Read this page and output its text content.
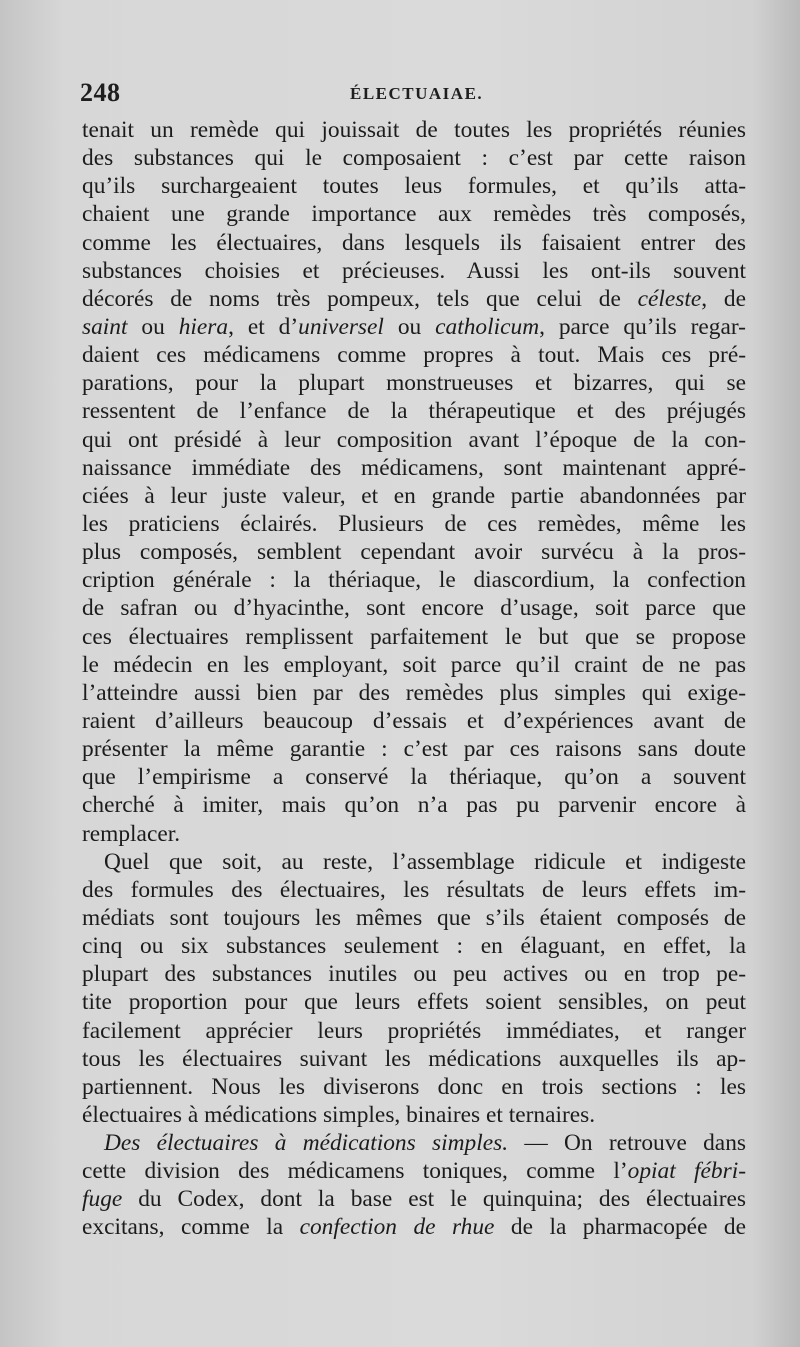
248	ÉLECTUAIAE.
tenait un remède qui jouissait de toutes les propriétés réunies
des substances qui le composaient : c’est par cette raison
qu’ils surchargeaient toutes leus formules, et qu’ils atta-
chaient une grande importance aux remèdes très composés,
comme les électuaires, dans lesquels ils faisaient entrer des
substances choisies et précieuses. Aussi les ont-ils souvent
décorés de noms très pompeux, tels que celui de céleste, de
saint ou hiera, et d’universel ou catholicum, parce qu’ils regar-
daient ces médicamens comme propres à tout. Mais ces pré-
parations, pour la plupart monstrueuses et bizarres, qui se
ressentent de l’enfance de la thérapeutique et des préjugés
qui ont présidé à leur composition avant l’époque de la con-
naissance immédiate des médicamens, sont maintenant appré-
ciées à leur juste valeur, et en grande partie abandonnées par
les praticiens éclairés. Plusieurs de ces remèdes, même les
plus composés, semblent cependant avoir survécu à la pros-
cription générale : la thériaque, le diascordium, la confection
de safran ou d’hyacinthe, sont encore d’usage, soit parce que
ces électuaires remplissent parfaitement le but que se propose
le médecin en les employant, soit parce qu’il craint de ne pas
l’atteindre aussi bien par des remèdes plus simples qui exige-
raient d’ailleurs beaucoup d’essais et d’expériences avant de
présenter la même garantie : c’est par ces raisons sans doute
que l’empirisme a conservé la thériaque, qu’on a souvent
cherché à imiter, mais qu’on n’a pas pu parvenir encore à
remplacer.
Quel que soit, au reste, l’assemblage ridicule et indigeste
des formules des électuaires, les résultats de leurs effets im-
médiats sont toujours les mêmes que s’ils étaient composés de
cinq ou six substances seulement : en élaguant, en effet, la
plupart des substances inutiles ou peu actives ou en trop pe-
tite proportion pour que leurs effets soient sensibles, on peut
facilement apprécier leurs propriétés immédiates, et ranger
tous les électuaires suivant les médications auxquelles ils ap-
partiennent. Nous les diviserons donc en trois sections : les
électuaires à médications simples, binaires et ternaires.
Des électuaires à médications simples. — On retrouve dans
cette division des médicamens toniques, comme l’opiat fébri-
fuge du Codex, dont la base est le quinquina; des électuaires
excitans, comme la confection de rhue de la pharmacopée de
